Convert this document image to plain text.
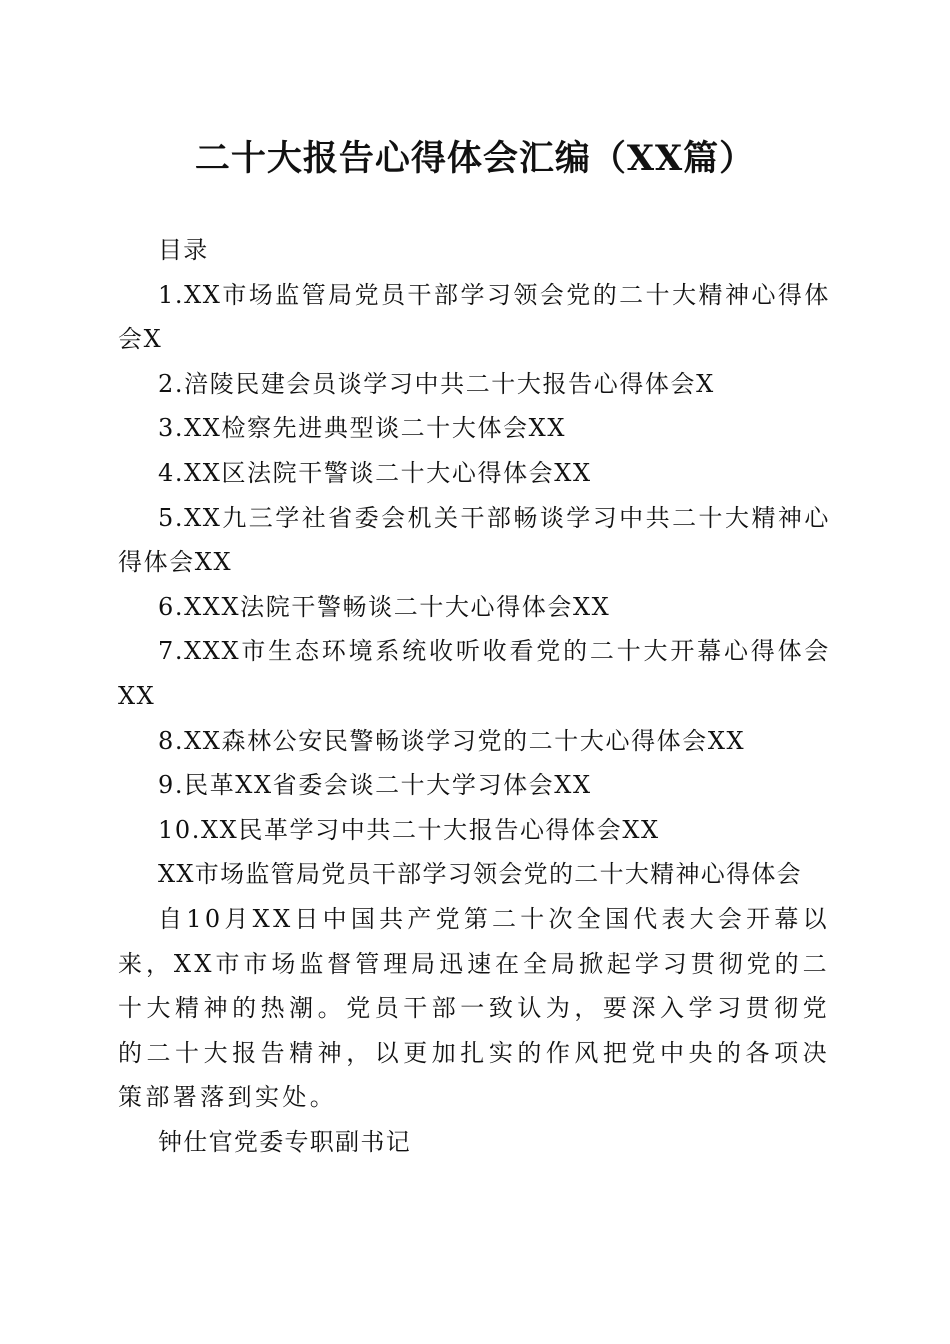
二十大报告心得体会汇编（XX篇）

目录

1.XX市场监管局党员干部学习领会党的二十大精神心得体会X

2.涪陵民建会员谈学习中共二十大报告心得体会X

3.XX检察先进典型谈二十大体会XX

4.XX区法院干警谈二十大心得体会XX

5.XX九三学社省委会机关干部畅谈学习中共二十大精神心得体会XX

6.XXX法院干警畅谈二十大心得体会XX

7.XXX市生态环境系统收听收看党的二十大开幕心得体会XX

8.XX森林公安民警畅谈学习党的二十大心得体会XX

9.民革XX省委会谈二十大学习体会XX

10.XX民革学习中共二十大报告心得体会XX

XX市场监管局党员干部学习领会党的二十大精神心得体会

自10月XX日中国共产党第二十次全国代表大会开幕以来，XX市市场监督管理局迅速在全局掀起学习贯彻党的二十大精神的热潮。党员干部一致认为，要深入学习贯彻党的二十大报告精神，以更加扎实的作风把党中央的各项决策部署落到实处。

钟仕官党委专职副书记
